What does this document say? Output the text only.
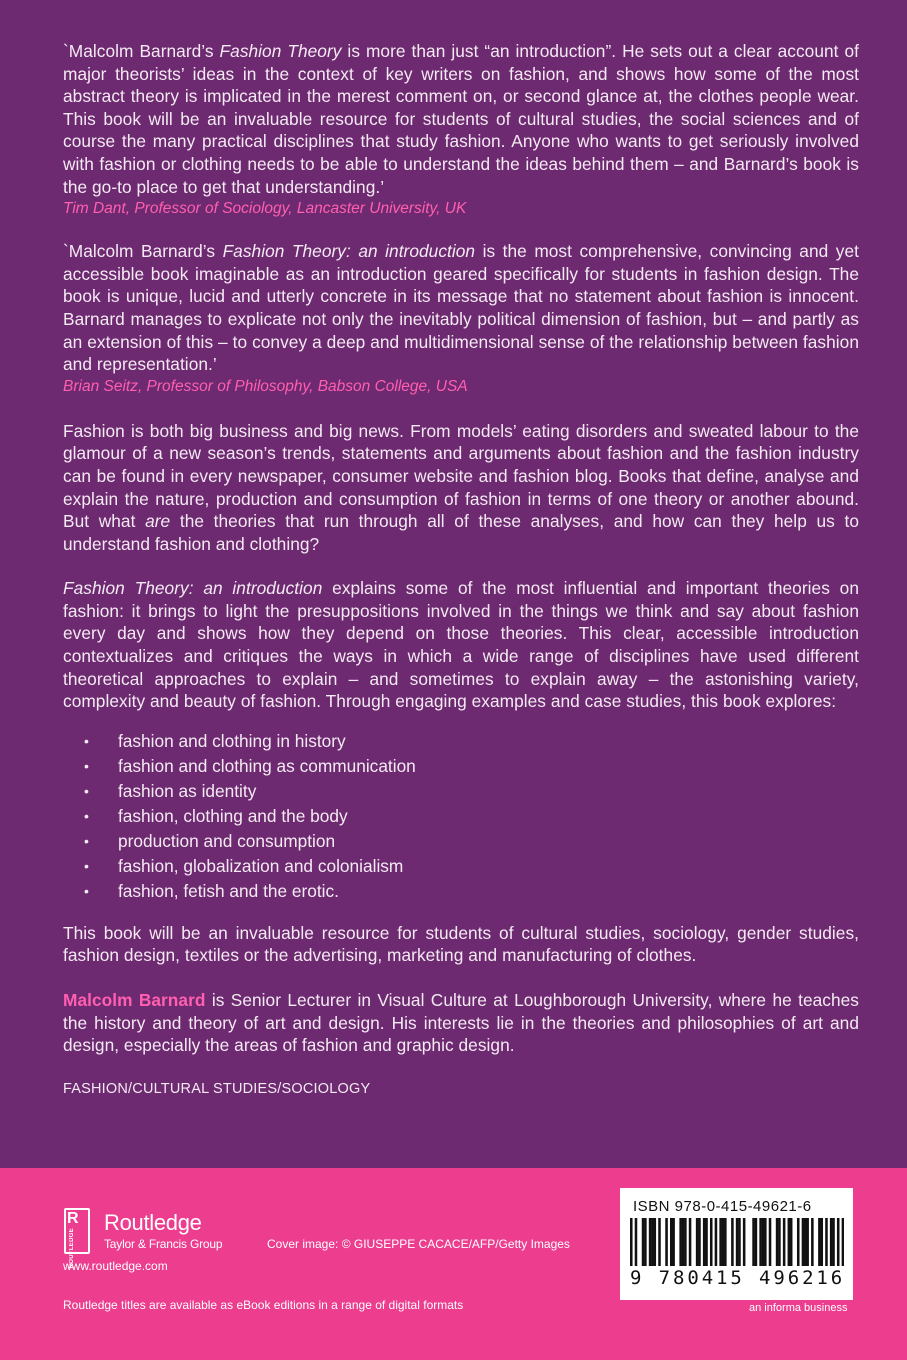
`Malcolm Barnard’s Fashion Theory is more than just “an introduction”. He sets out a clear account of major theorists’ ideas in the context of key writers on fashion, and shows how some of the most abstract theory is implicated in the merest comment on, or second glance at, the clothes people wear. This book will be an invaluable resource for students of cultural studies, the social sciences and of course the many practical disciplines that study fashion. Anyone who wants to get seriously involved with fashion or clothing needs to be able to understand the ideas behind them – and Barnard’s book is the go-to place to get that understanding.’

Tim Dant, Professor of Sociology, Lancaster University, UK

`Malcolm Barnard’s Fashion Theory: an introduction is the most comprehensive, convincing and yet accessible book imaginable as an introduction geared specifically for students in fashion design. The book is unique, lucid and utterly concrete in its message that no statement about fashion is innocent. Barnard manages to explicate not only the inevitably political dimension of fashion, but – and partly as an extension of this – to convey a deep and multidimensional sense of the relationship between fashion and representation.’

Brian Seitz, Professor of Philosophy, Babson College, USA

Fashion is both big business and big news. From models’ eating disorders and sweated labour to the glamour of a new season’s trends, statements and arguments about fashion and the fashion industry can be found in every newspaper, consumer website and fashion blog. Books that define, analyse and explain the nature, production and consumption of fashion in terms of one theory or another abound. But what are the theories that run through all of these analyses, and how can they help us to understand fashion and clothing?

Fashion Theory: an introduction explains some of the most influential and important theories on fashion: it brings to light the presuppositions involved in the things we think and say about fashion every day and shows how they depend on those theories. This clear, accessible introduction contextualizes and critiques the ways in which a wide range of disciplines have used different theoretical approaches to explain – and sometimes to explain away – the astonishing variety, complexity and beauty of fashion. Through engaging examples and case studies, this book explores:

• fashion and clothing in history
• fashion and clothing as communication
• fashion as identity
• fashion, clothing and the body
• production and consumption
• fashion, globalization and colonialism
• fashion, fetish and the erotic.

This book will be an invaluable resource for students of cultural studies, sociology, gender studies, fashion design, textiles or the advertising, marketing and manufacturing of clothes.

Malcolm Barnard is Senior Lecturer in Visual Culture at Loughborough University, where he teaches the history and theory of art and design. His interests lie in the theories and philosophies of art and design, especially the areas of fashion and graphic design.

FASHION/CULTURAL STUDIES/SOCIOLOGY

R
ROUTLEDGE
Routledge
Taylor & Francis Group
www.routledge.com
Cover image: © GIUSEPPE CACACE/AFP/Getty Images
Routledge titles are available as eBook editions in a range of digital formats
ISBN 978-0-415-49621-6
9 780415 496216
an informa business
